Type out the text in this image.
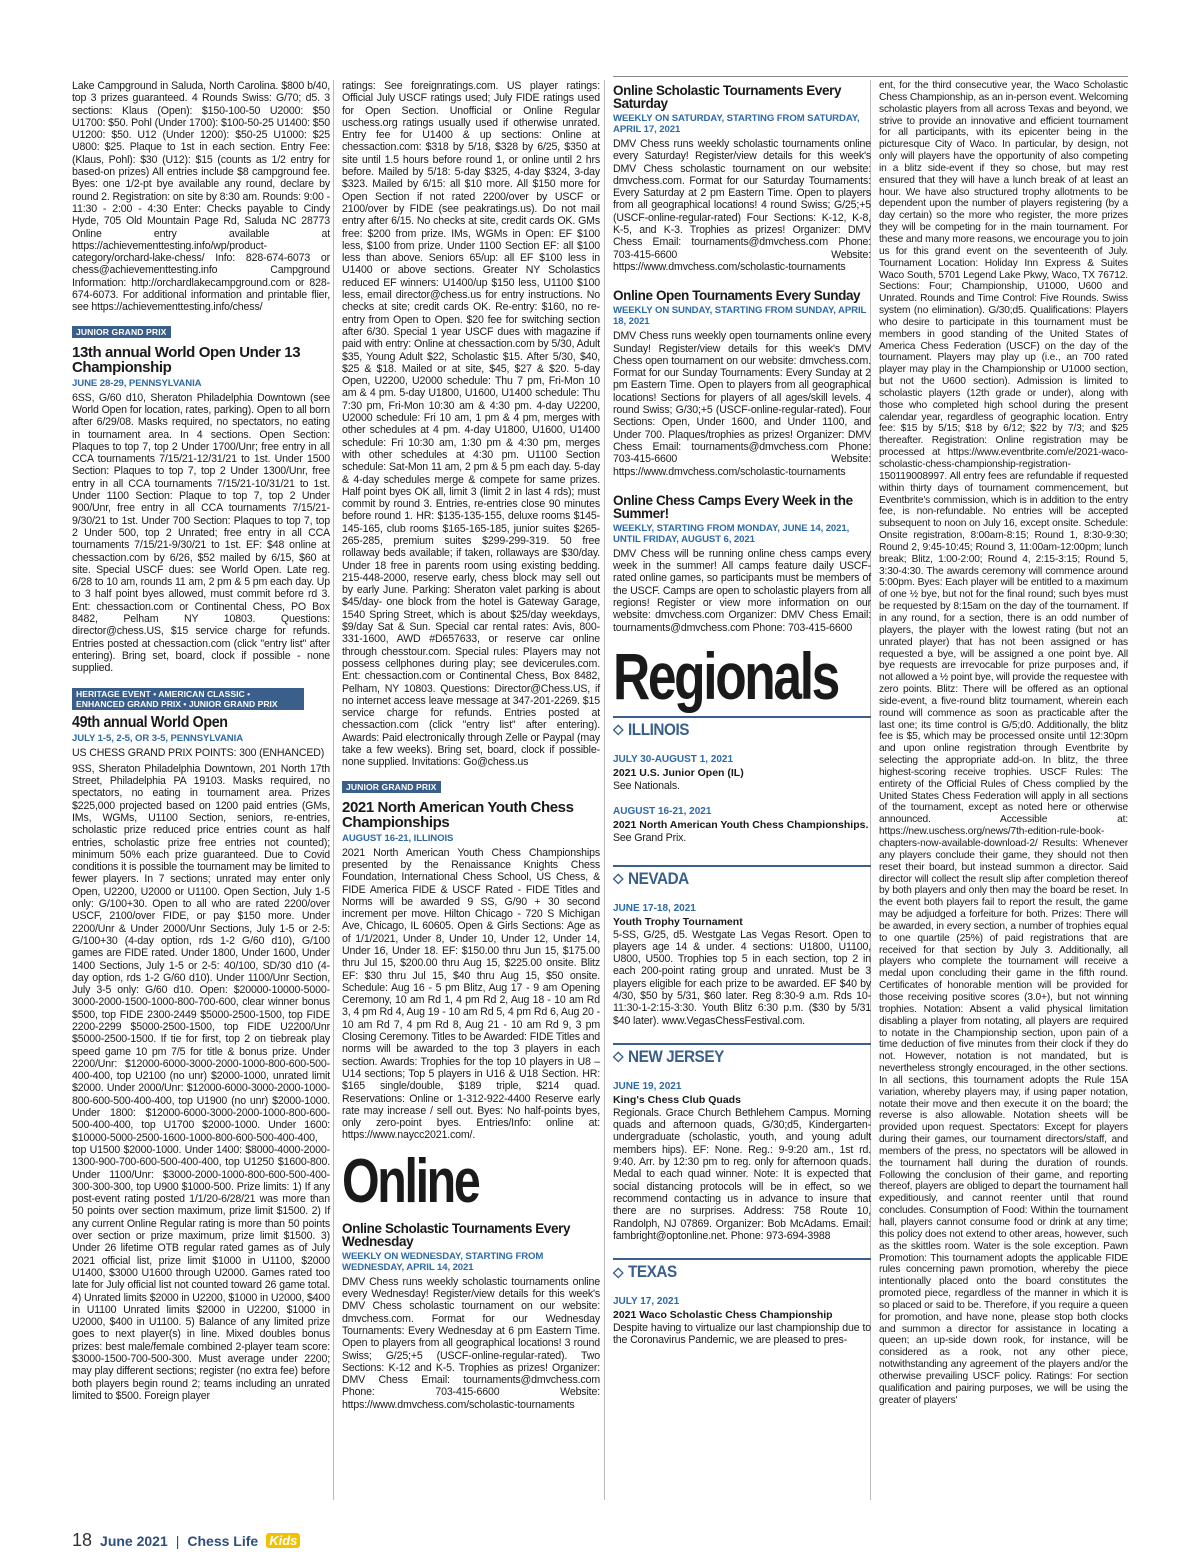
Lake Campground in Saluda, North Carolina. $800 b/40, top 3 prizes guaranteed. 4 Rounds Swiss: G/70; d5. 3 sections: Klaus (Open): $150-100-50 U2000: $50 U1700: $50. Pohl (Under 1700): $100-50-25 U1400: $50 U1200: $50. U12 (Under 1200): $50-25 U1000: $25 U800: $25. Plaque to 1st in each section. Entry Fee: (Klaus, Pohl): $30 (U12): $15 (counts as 1/2 entry for based-on prizes) All entries include $8 campground fee. Byes: one 1/2-pt bye available any round, declare by round 2. Registration: on site by 8:30 am. Rounds: 9:00 - 11:30 - 2:00 - 4:30 Enter: Checks payable to Cindy Hyde, 705 Old Mountain Page Rd, Saluda NC 28773 Online entry available at https://achievementtesting.info/wp/product-category/orchard-lake-chess/ Info: 828-674-6073 or chess@achievementtesting.info Campground Information: http://orchardlakecampground.com or 828-674-6073. For additional information and printable flier, see https://achievementtesting.info/chess/

JUNIOR GRAND PRIX
13th annual World Open Under 13 Championship

JUNE 28-29, PENNSYLVANIA

6SS, G/60 d10, Sheraton Philadelphia Downtown (see World Open for location, rates, parking). Open to all born after 6/29/08. Masks required, no spectators, no eating in tournament area. In 4 sections. Open Section: Plaques to top 7, top 2 Under 1700/Unr; free entry in all CCA tournaments 7/15/21-12/31/21 to 1st. Under 1500 Section: Plaques to top 7, top 2 Under 1300/Unr, free entry in all CCA tournaments 7/15/21-10/31/21 to 1st. Under 1100 Section: Plaque to top 7, top 2 Under 900/Unr, free entry in all CCA tournaments 7/15/21-9/30/21 to 1st. Under 700 Section: Plaques to top 7, top 2 Under 500, top 2 Unrated; free entry in all CCA tournaments 7/15/21-9/30/21 to 1st. EF: $48 online at chessaction.com by 6/26, $52 mailed by 6/15, $60 at site. Special USCF dues: see World Open. Late reg. 6/28 to 10 am, rounds 11 am, 2 pm & 5 pm each day. Up to 3 half point byes allowed, must commit before rd 3. Ent: chessaction.com or Continental Chess, PO Box 8482, Pelham NY 10803. Questions: director@chess.US, $15 service charge for refunds. Entries posted at chessaction.com (click "entry list" after entering). Bring set, board, clock if possible - none supplied.

HERITAGE EVENT • AMERICAN CLASSIC • ENHANCED GRAND PRIX • JUNIOR GRAND PRIX
49th annual World Open

JULY 1-5, 2-5, OR 3-5, PENNSYLVANIA

US CHESS GRAND PRIX POINTS: 300 (ENHANCED)

9SS, Sheraton Philadelphia Downtown, 201 North 17th Street, Philadelphia PA 19103. Masks required, no spectators, no eating in tournament area. Prizes $225,000 projected based on 1200 paid entries (GMs, IMs, WGMs, U1100 Section, seniors, re-entries, scholastic prize reduced price entries count as half entries, scholastic prize free entries not counted); minimum 50% each prize guaranteed. Due to Covid conditions it is possible the tournament may be limited to fewer players. In 7 sections; unrated may enter only Open, U2200, U2000 or U1100. Open Section, July 1-5 only: G/100+30. Open to all who are rated 2200/over USCF, 2100/over FIDE, or pay $150 more. Under 2200/Unr & Under 2000/Unr Sections, July 1-5 or 2-5: G/100+30 (4-day option, rds 1-2 G/60 d10), G/100 games are FIDE rated. Under 1800, Under 1600, Under 1400 Sections, July 1-5 or 2-5: 40/100, SD/30 d10 (4-day option, rds 1-2 G/60 d10). Under 1100/Unr Section, July 3-5 only: G/60 d10. Open: $20000-10000-5000-3000-2000-1500-1000-800-700-600, clear winner bonus $500, top FIDE 2300-2449 $5000-2500-1500, top FIDE 2200-2299 $5000-2500-1500, top FIDE U2200/Unr $5000-2500-1500. If tie for first, top 2 on tiebreak play speed game 10 pm 7/5 for title & bonus prize. Under 2200/Unr: $12000-6000-3000-2000-1000-800-600-500-400-400, top U2100 (no unr) $2000-1000, unrated limit $2000. Under 2000/Unr: $12000-6000-3000-2000-1000-800-600-500-400-400, top U1900 (no unr) $2000-1000. Under 1800: $12000-6000-3000-2000-1000-800-600-500-400-400, top U1700 $2000-1000. Under 1600: $10000-5000-2500-1600-1000-800-600-500-400-400, top U1500 $2000-1000. Under 1400: $8000-4000-2000-1300-900-700-600-500-400-400, top U1250 $1600-800. Under 1100/Unr: $3000-2000-1000-800-600-500-400-300-300-300, top U900 $1000-500. Prize limits: 1) If any post-event rating posted 1/1/20-6/28/21 was more than 50 points over section maximum, prize limit $1500. 2) If any current Online Regular rating is more than 50 points over section or prize maximum, prize limit $1500. 3) Under 26 lifetime OTB regular rated games as of July 2021 official list, prize limit $1000 in U1100, $2000 U1400, $3000 U1600 through U2000. Games rated too late for July official list not counted toward 26 game total. 4) Unrated limits $2000 in U2200, $1000 in U2000, $400 in U1100 Unrated limits $2000 in U2200, $1000 in U2000, $400 in U1100. 5) Balance of any limited prize goes to next player(s) in line. Mixed doubles bonus prizes: best male/female combined 2-player team score: $3000-1500-700-500-300. Must average under 2200; may play different sections; register (no extra fee) before both players begin round 2; teams including an unrated limited to $500. Foreign player

ratings: See foreignratings.com. US player ratings: Official July USCF ratings used; July FIDE ratings used for Open Section. Unofficial or Online Regular uschess.org ratings usually used if otherwise unrated. Entry fee for U1400 & up sections: Online at chessaction.com: $318 by 5/18, $328 by 6/25, $350 at site until 1.5 hours before round 1, or online until 2 hrs before. Mailed by 5/18: 5-day $325, 4-day $324, 3-day $323. Mailed by 6/15: all $10 more. All $150 more for Open Section if not rated 2200/over by USCF or 2100/over by FIDE (see peakratings.us). Do not mail entry after 6/15. No checks at site, credit cards OK. GMs free: $200 from prize. IMs, WGMs in Open: EF $100 less, $100 from prize. Under 1100 Section EF: all $100 less than above. Seniors 65/up: all EF $100 less in U1400 or above sections. Greater NY Scholastics reduced EF winners: U1400/up $150 less, U1100 $100 less, email director@chess.us for entry instructions. No checks at site; credit cards OK. Re-entry: $160, no re-entry from Open to Open. $20 fee for switching section after 6/30. Special 1 year USCF dues with magazine if paid with entry: Online at chessaction.com by 5/30, Adult $35, Young Adult $22, Scholastic $15. After 5/30, $40, $25 & $18. Mailed or at site, $45, $27 & $20. 5-day Open, U2200, U2000 schedule: Thu 7 pm, Fri-Mon 10 am & 4 pm. 5-day U1800, U1600, U1400 schedule: Thu 7:30 pm, Fri-Mon 10:30 am & 4:30 pm. 4-day U2200, U2000 schedule: Fri 10 am, 1 pm & 4 pm, merges with other schedules at 4 pm. 4-day U1800, U1600, U1400 schedule: Fri 10:30 am, 1:30 pm & 4:30 pm, merges with other schedules at 4:30 pm. U1100 Section schedule: Sat-Mon 11 am, 2 pm & 5 pm each day. 5-day & 4-day schedules merge & compete for same prizes. Half point byes OK all, limit 3 (limit 2 in last 4 rds); must commit by round 3. Entries, re-entries close 90 minutes before round 1. HR: $135-135-155, deluxe rooms $145-145-165, club rooms $165-165-185, junior suites $265-265-285, premium suites $299-299-319. 50 free rollaway beds available; if taken, rollaways are $30/day. Under 18 free in parents room using existing bedding. 215-448-2000, reserve early, chess block may sell out by early June. Parking: Sheraton valet parking is about $45/day- one block from the hotel is Gateway Garage, 1540 Spring Street, which is about $25/day weekdays, $9/day Sat & Sun. Special car rental rates: Avis, 800-331-1600, AWD #D657633, or reserve car online through chesstour.com. Special rules: Players may not possess cellphones during play; see devicerules.com. Ent: chessaction.com or Continental Chess, Box 8482, Pelham, NY 10803. Questions: Director@Chess.US, if no internet access leave message at 347-201-2269. $15 service charge for refunds. Entries posted at chessaction.com (click "entry list" after entering). Awards: Paid electronically through Zelle or Paypal (may take a few weeks). Bring set, board, clock if possible- none supplied. Invitations: Go@chess.us

JUNIOR GRAND PRIX
2021 North American Youth Chess Championships

AUGUST 16-21, ILLINOIS

2021 North American Youth Chess Championships presented by the Renaissance Knights Chess Foundation, International Chess School, US Chess, & FIDE America FIDE & USCF Rated - FIDE Titles and Norms will be awarded 9 SS, G/90 + 30 second increment per move. Hilton Chicago - 720 S Michigan Ave, Chicago, IL 60605. Open & Girls Sections: Age as of 1/1/2021, Under 8, Under 10, Under 12, Under 14, Under 16, Under 18. EF: $150.00 thru Jun 15, $175.00 thru Jul 15, $200.00 thru Aug 15, $225.00 onsite. Blitz EF: $30 thru Jul 15, $40 thru Aug 15, $50 onsite. Schedule: Aug 16 - 5 pm Blitz, Aug 17 - 9 am Opening Ceremony, 10 am Rd 1, 4 pm Rd 2, Aug 18 - 10 am Rd 3, 4 pm Rd 4, Aug 19 - 10 am Rd 5, 4 pm Rd 6, Aug 20 - 10 am Rd 7, 4 pm Rd 8, Aug 21 - 10 am Rd 9, 3 pm Closing Ceremony. Titles to be Awarded: FIDE Titles and norms will be awarded to the top 3 players in each section. Awards: Trophies for the top 10 players in U8 – U14 sections; Top 5 players in U16 & U18 Section. HR: $165 single/double, $189 triple, $214 quad. Reservations: Online or 1-312-922-4400 Reserve early rate may increase / sell out. Byes: No half-points byes, only zero-point byes. Entries/Info: online at: https://www.naycc2021.com/.

Online
Online Scholastic Tournaments Every Wednesday

WEEKLY ON WEDNESDAY, STARTING FROM WEDNESDAY, APRIL 14, 2021

DMV Chess runs weekly scholastic tournaments online every Wednesday! Register/view details for this week's DMV Chess scholastic tournament on our website: dmvchess.com. Format for our Wednesday Tournaments: Every Wednesday at 6 pm Eastern Time. Open to players from all geographical locations! 3 round Swiss; G/25;+5 (USCF-online-regular-rated). Two Sections: K-12 and K-5. Trophies as prizes! Organizer: DMV Chess Email: tournaments@dmvchess.com Phone: 703-415-6600 Website: https://www.dmvchess.com/scholastic-tournaments

Online Scholastic Tournaments Every Saturday

WEEKLY ON SATURDAY, STARTING FROM SATURDAY, APRIL 17, 2021

DMV Chess runs weekly scholastic tournaments online every Saturday! Register/view details for this week's DMV Chess scholastic tournament on our website: dmvchess.com. Format for our Saturday Tournaments: Every Saturday at 2 pm Eastern Time. Open to players from all geographical locations! 4 round Swiss; G/25;+5 (USCF-online-regular-rated) Four Sections: K-12, K-8, K-5, and K-3. Trophies as prizes! Organizer: DMV Chess Email: tournaments@dmvchess.com Phone: 703-415-6600 Website: https://www.dmvchess.com/scholastic-tournaments

Online Open Tournaments Every Sunday

WEEKLY ON SUNDAY, STARTING FROM SUNDAY, APRIL 18, 2021

DMV Chess runs weekly open tournaments online every Sunday! Register/view details for this week's DMV Chess open tournament on our website: dmvchess.com. Format for our Sunday Tournaments: Every Sunday at 2 pm Eastern Time. Open to players from all geographical locations! Sections for players of all ages/skill levels. 4 round Swiss; G/30;+5 (USCF-online-regular-rated). Four Sections: Open, Under 1600, and Under 1100, and Under 700. Plaques/trophies as prizes! Organizer: DMV Chess Email: tournaments@dmvchess.com Phone: 703-415-6600 Website: https://www.dmvchess.com/scholastic-tournaments

Online Chess Camps Every Week in the Summer!

WEEKLY, STARTING FROM MONDAY, JUNE 14, 2021, UNTIL FRIDAY, AUGUST 6, 2021

DMV Chess will be running online chess camps every week in the summer! All camps feature daily USCF-rated online games, so participants must be members of the USCF. Camps are open to scholastic players from all regions! Register or view more information on our website: dmvchess.com Organizer: DMV Chess Email: tournaments@dmvchess.com Phone: 703-415-6600

Regionals
⬦ ILLINOIS

JULY 30-AUGUST 1, 2021

2021 U.S. Junior Open (IL)

See Nationals.

AUGUST 16-21, 2021

2021 North American Youth Chess Championships.

See Grand Prix.

⬦ NEVADA

JUNE 17-18, 2021

Youth Trophy Tournament

5-SS, G/25, d5. Westgate Las Vegas Resort. Open to players age 14 & under. 4 sections: U1800, U1100, U800, U500. Trophies top 5 in each section, top 2 in each 200-point rating group and unrated. Must be 3 players eligible for each prize to be awarded. EF $40 by 4/30, $50 by 5/31, $60 later. Reg 8:30-9 a.m. Rds 10-11:30-1-2:15-3:30. Youth Blitz 6:30 p.m. ($30 by 5/31 $40 later). www.VegasChessFestival.com.

⬦ NEW JERSEY

JUNE 19, 2021

King's Chess Club Quads

Regionals. Grace Church Bethlehem Campus. Morning quads and afternoon quads, G/30;d5, Kindergarten-undergraduate (scholastic, youth, and young adult members hips). EF: None. Reg.: 9-9:20 am., 1st rd. 9:40. Arr. by 12:30 pm to reg. only for afternoon quads. Medal to each quad winner. Note: It is expected that social distancing protocols will be in effect, so we recommend contacting us in advance to insure that there are no surprises. Address: 758 Route 10, Randolph, NJ 07869. Organizer: Bob McAdams. Email: fambright@optonline.net. Phone: 973-694-3988

⬦ TEXAS

JULY 17, 2021

2021 Waco Scholastic Chess Championship

Despite having to virtualize our last championship due to the Coronavirus Pandemic, we are pleased to pres-

ent, for the third consecutive year, the Waco Scholastic Chess Championship, as an in-person event. Welcoming scholastic players from all across Texas and beyond, we strive to provide an innovative and efficient tournament for all participants, with its epicenter being in the picturesque City of Waco. In particular, by design, not only will players have the opportunity of also competing in a blitz side-event if they so chose, but may rest ensured that they will have a lunch break of at least an hour. We have also structured trophy allotments to be dependent upon the number of players registering (by a day certain) so the more who register, the more prizes they will be competing for in the main tournament. For these and many more reasons, we encourage you to join us for this grand event on the seventeenth of July. Tournament Location: Holiday Inn Express & Suites Waco South, 5701 Legend Lake Pkwy, Waco, TX 76712. Sections: Four; Championship, U1000, U600 and Unrated. Rounds and Time Control: Five Rounds. Swiss system (no elimination). G/30;d5. Qualifications: Players who desire to participate in this tournament must be members in good standing of the United States of America Chess Federation (USCF) on the day of the tournament. Players may play up (i.e., an 700 rated player may play in the Championship or U1000 section, but not the U600 section). Admission is limited to scholastic players (12th grade or under), along with those who completed high school during the present calendar year, regardless of geographic location. Entry fee: $15 by 5/15; $18 by 6/12; $22 by 7/3; and $25 thereafter. Registration: Online registration may be processed at https://www.eventbrite.com/e/2021-waco-scholastic-chess-championship-registration-150119008997. All entry fees are refundable if requested within thirty days of tournament commencement, but Eventbrite's commission, which is in addition to the entry fee, is non-refundable. No entries will be accepted subsequent to noon on July 16, except onsite. Schedule: Onsite registration, 8:00am-8:15; Round 1, 8:30-9:30; Round 2, 9:45-10:45; Round 3, 11:00am-12:00pm; lunch break; Blitz, 1:00-2:00; Round 4, 2:15-3:15; Round 5, 3:30-4:30. The awards ceremony will commence around 5:00pm. Byes: Each player will be entitled to a maximum of one ½ bye, but not for the final round; such byes must be requested by 8:15am on the day of the tournament. If in any round, for a section, there is an odd number of players, the player with the lowest rating (but not an unrated player) that has not been assigned or has requested a bye, will be assigned a one point bye. All bye requests are irrevocable for prize purposes and, if not allowed a ½ point bye, will provide the requestee with zero points. Blitz: There will be offered as an optional side-event, a five-round blitz tournament, wherein each round will commence as soon as practicable after the last one; its time control is G/5;d0. Additionally, the blitz fee is $5, which may be processed onsite until 12:30pm and upon online registration through Eventbrite by selecting the appropriate add-on. In blitz, the three highest-scoring receive trophies. USCF Rules: The entirety of the Official Rules of Chess complied by the United States Chess Federation will apply in all sections of the tournament, except as noted here or otherwise announced. Accessible at: https://new.uschess.org/news/7th-edition-rule-book-chapters-now-available-download-2/ Results: Whenever any players conclude their game, they should not then reset their board, but instead summon a director. Said director will collect the result slip after completion thereof by both players and only then may the board be reset. In the event both players fail to report the result, the game may be adjudged a forfeiture for both. Prizes: There will be awarded, in every section, a number of trophies equal to one quartile (25%) of paid registrations that are received for that section by July 3. Additionally, all players who complete the tournament will receive a medal upon concluding their game in the fifth round. Certificates of honorable mention will be provided for those receiving positive scores (3.0+), but not winning trophies. Notation: Absent a valid physical limitation disabling a player from notating, all players are required to notate in the Championship section, upon pain of a time deduction of five minutes from their clock if they do not. However, notation is not mandated, but is nevertheless strongly encouraged, in the other sections. In all sections, this tournament adopts the Rule 15A variation, whereby players may, if using paper notation, notate their move and then execute it on the board; the reverse is also allowable. Notation sheets will be provided upon request. Spectators: Except for players during their games, our tournament directors/staff, and members of the press, no spectators will be allowed in the tournament hall during the duration of rounds. Following the conclusion of their game, and reporting thereof, players are obliged to depart the tournament hall expeditiously, and cannot reenter until that round concludes. Consumption of Food: Within the tournament hall, players cannot consume food or drink at any time; this policy does not extend to other areas, however, such as the skittles room. Water is the sole exception. Pawn Promotion: This tournament adopts the applicable FIDE rules concerning pawn promotion, whereby the piece intentionally placed onto the board constitutes the promoted piece, regardless of the manner in which it is so placed or said to be. Therefore, if you require a queen for promotion, and have none, please stop both clocks and summon a director for assistance in locating a queen; an up-side down rook, for instance, will be considered as a rook, not any other piece, notwithstanding any agreement of the players and/or the otherwise prevailing USCF policy. Ratings: For section qualification and pairing purposes, we will be using the greater of players'

18 June 2021 | Chess Life Kids
